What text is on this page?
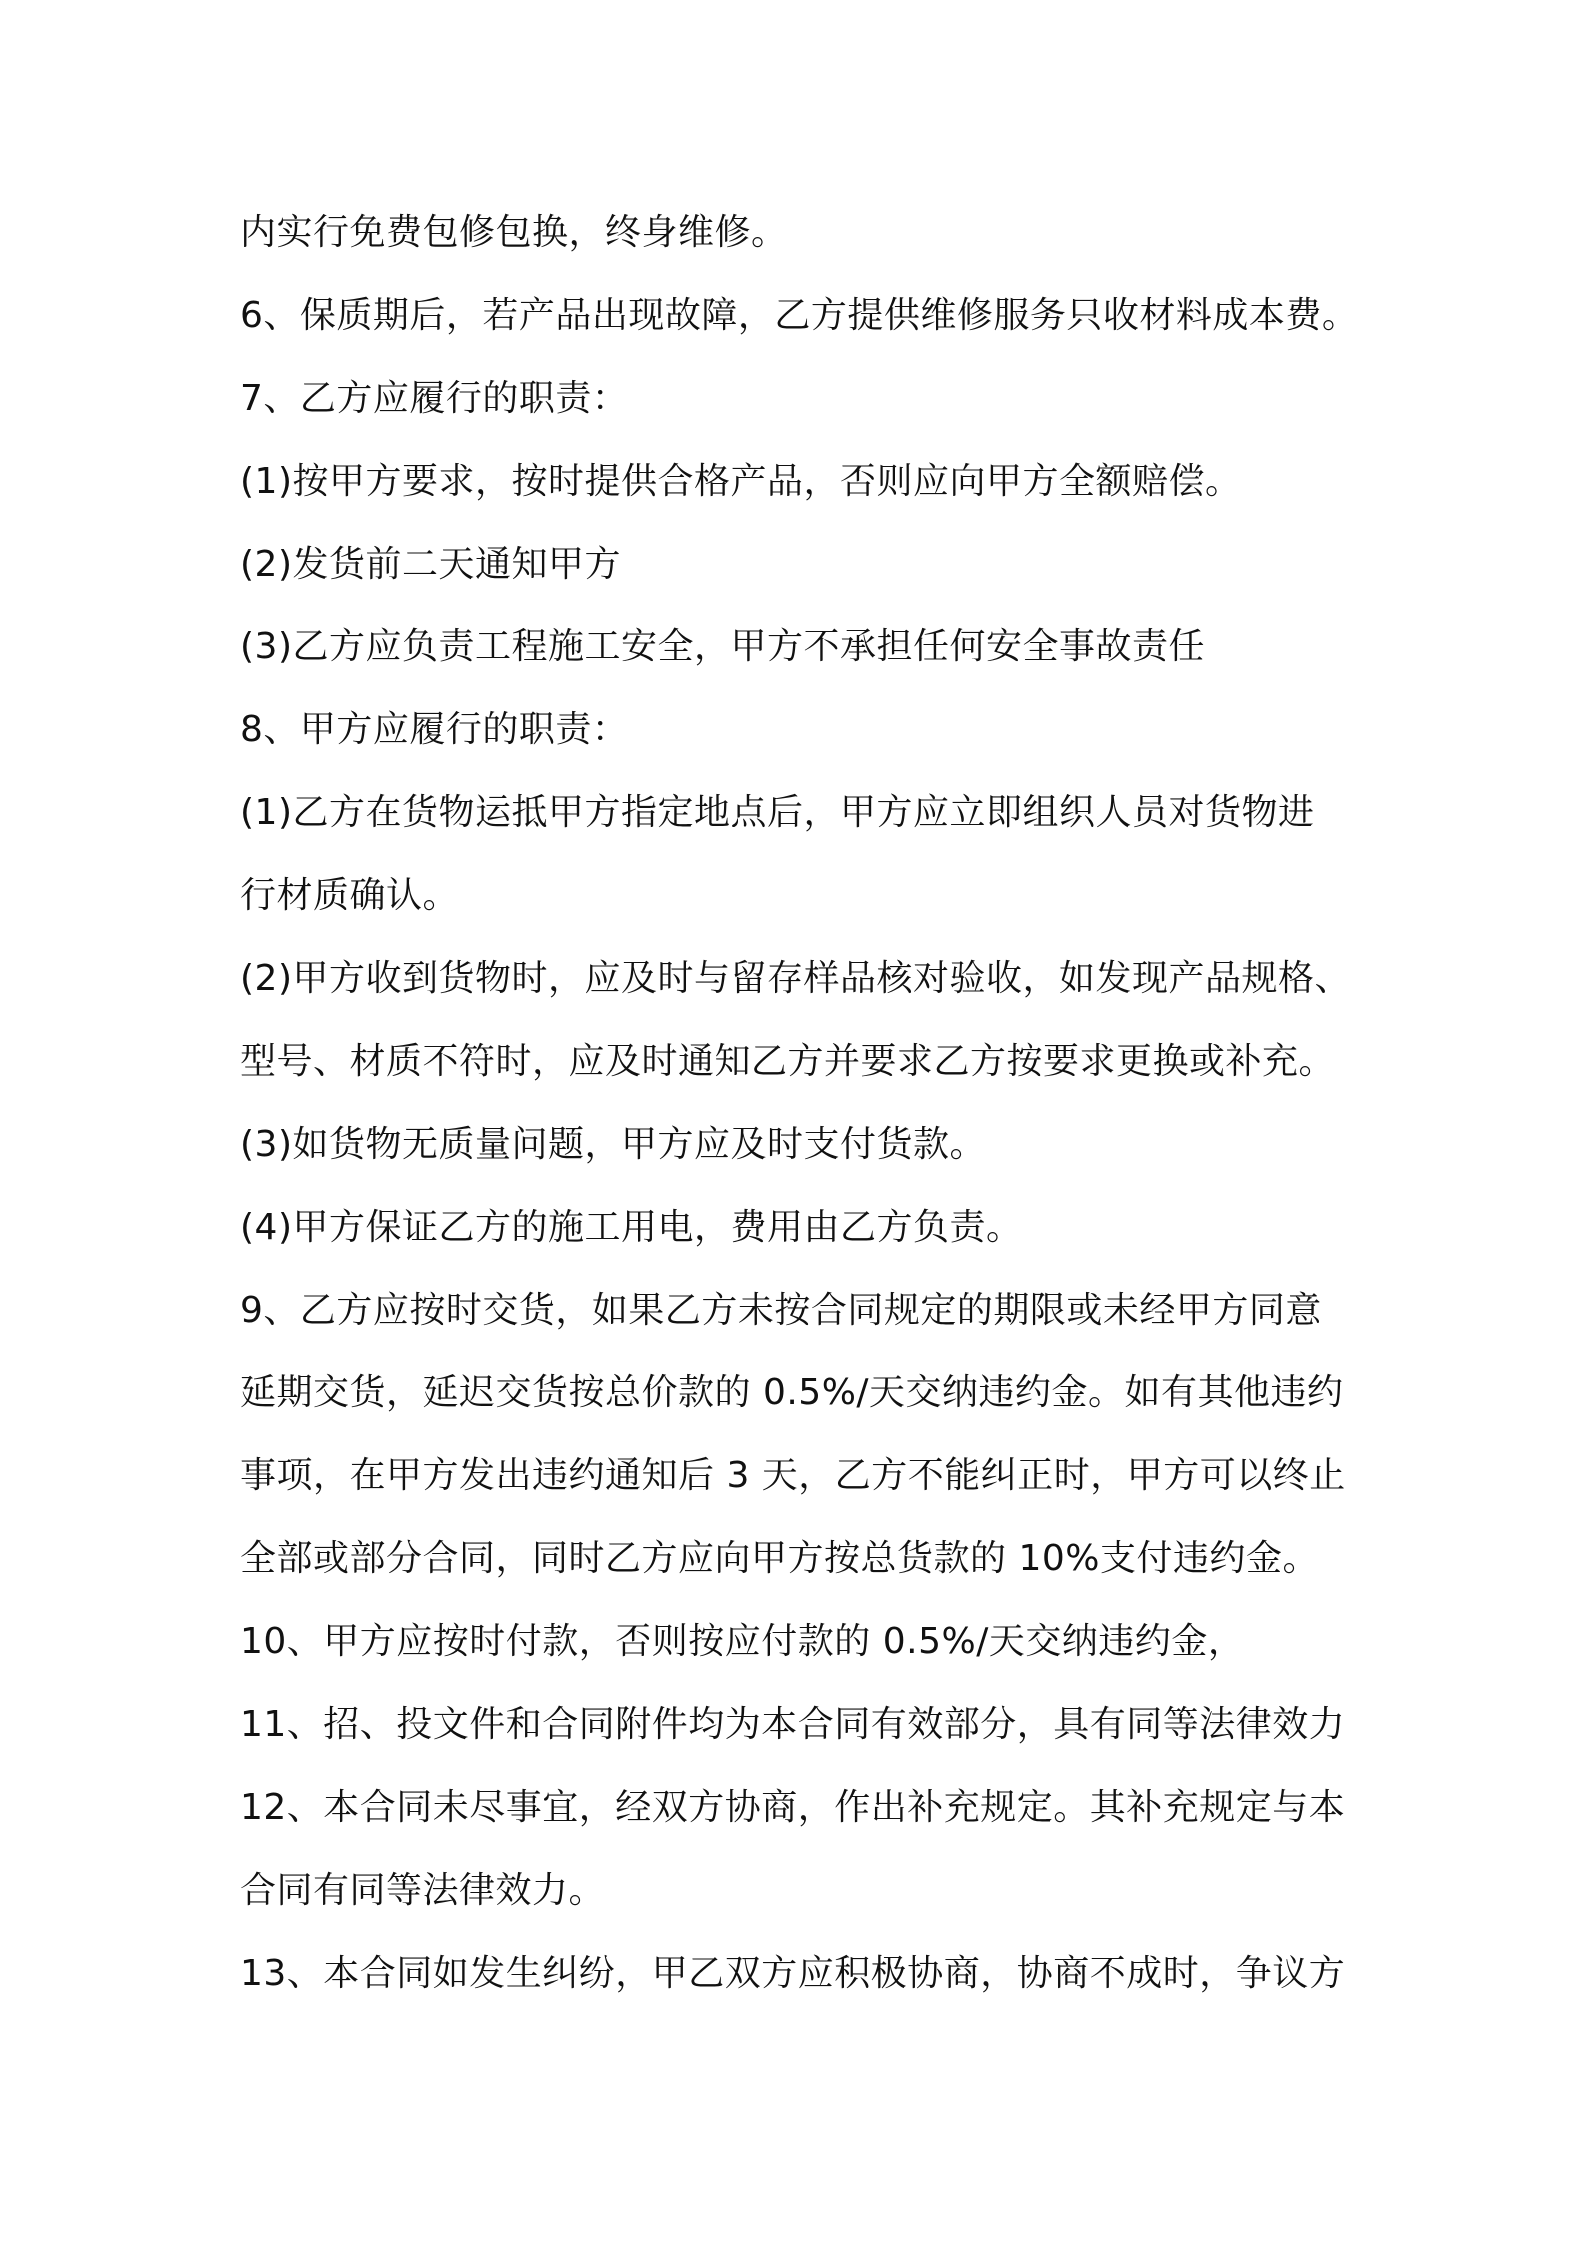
内实行免费包修包换，终身维修。
6、保质期后，若产品出现故障，乙方提供维修服务只收材料成本费。
7、乙方应履行的职责：
(1)按甲方要求，按时提供合格产品，否则应向甲方全额赔偿。
(2)发货前二天通知甲方
(3)乙方应负责工程施工安全，甲方不承担任何安全事故责任
8、甲方应履行的职责：
(1)乙方在货物运抵甲方指定地点后，甲方应立即组织人员对货物进
行材质确认。
(2)甲方收到货物时，应及时与留存样品核对验收，如发现产品规格、
型号、材质不符时，应及时通知乙方并要求乙方按要求更换或补充。
(3)如货物无质量问题，甲方应及时支付货款。
(4)甲方保证乙方的施工用电，费用由乙方负责。
9、乙方应按时交货，如果乙方未按合同规定的期限或未经甲方同意
延期交货，延迟交货按总价款的 0.5%/天交纳违约金。如有其他违约
事项，在甲方发出违约通知后 3 天，乙方不能纠正时，甲方可以终止
全部或部分合同，同时乙方应向甲方按总货款的 10%支付违约金。
10、甲方应按时付款，否则按应付款的 0.5%/天交纳违约金，
11、招、投文件和合同附件均为本合同有效部分，具有同等法律效力
12、本合同未尽事宜，经双方协商，作出补充规定。其补充规定与本
合同有同等法律效力。
13、本合同如发生纠纷，甲乙双方应积极协商，协商不成时，争议方
